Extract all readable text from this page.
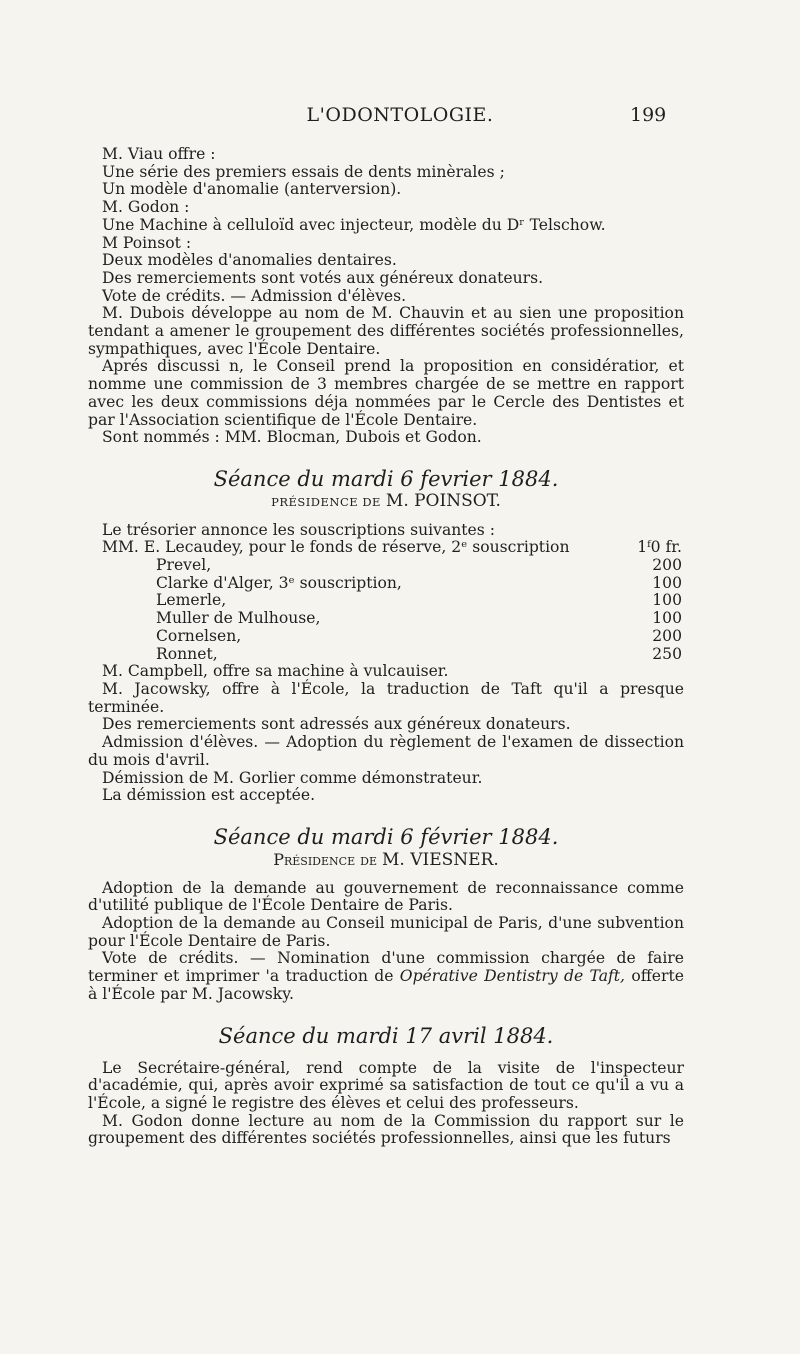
L'ODONTOLOGIE.	199

M. Viau offre :

Une série des premiers essais de dents minèrales ;

Un modèle d'anomalie (anterversion).

M. Godon :

Une Machine à celluloïd avec injecteur, modèle du Dʳ Telschow.

M Poinsot :

Deux modèles d'anomalies dentaires.

Des remerciements sont votés aux généreux donateurs.

Vote de crédits. — Admission d'élèves.

M. Dubois développe au nom de M. Chauvin et au sien une proposition tendant a amener le groupement des différentes sociétés professionnelles, sympathiques, avec l'École Dentaire.

Aprés discussi n, le Conseil prend la proposition en considératior, et nomme une commission de 3 membres chargée de se mettre en rapport avec les deux commissions déja nommées par le Cercle des Dentistes et par l'Association scientifique de l'École Dentaire.

Sont nommés : MM. Blocman, Dubois et Godon.

Séance du mardi 6 fevrier 1884.
PRÉSIDENCE DE M. POINSOT.

Le trésorier annonce les souscriptions suivantes :

MM. E. Lecaudey, pour le fonds de réserve, 2ᵉ souscription	1ᶠ0 fr.
Prevel,	200
Clarke d'Alger, 3ᵉ souscription,	100
Lemerle,	100
Muller de Mulhouse,	100
Cornelsen,	200
Ronnet,	250

M. Campbell, offre sa machine à vulcauiser.

M. Jacowsky, offre à l'École, la traduction de Taft qu'il a presque terminée.

Des remerciements sont adressés aux généreux donateurs.

Admission d'élèves. — Adoption du règlement de l'examen de dissection du mois d'avril.

Démission de M. Gorlier comme démonstrateur.

La démission est acceptée.

Séance du mardi 6 février 1884.
Présidence de M. VIESNER.

Adoption de la demande au gouvernement de reconnaissance comme d'utilité publique de l'École Dentaire de Paris.

Adoption de la demande au Conseil municipal de Paris, d'une subvention pour l'École Dentaire de Paris.

Vote de crédits. — Nomination d'une commission chargée de faire terminer et imprimer 'a traduction de Opérative Dentistry de Taft, offerte à l'École par M. Jacowsky.

Séance du mardi 17 avril 1884.

Le Secrétaire-général, rend compte de la visite de l'inspecteur d'académie, qui, après avoir exprimé sa satisfaction de tout ce qu'il a vu a l'École, a signé le registre des élèves et celui des professeurs.

M. Godon donne lecture au nom de la Commission du rapport sur le groupement des différentes sociétés professionnelles, ainsi que les futurs
